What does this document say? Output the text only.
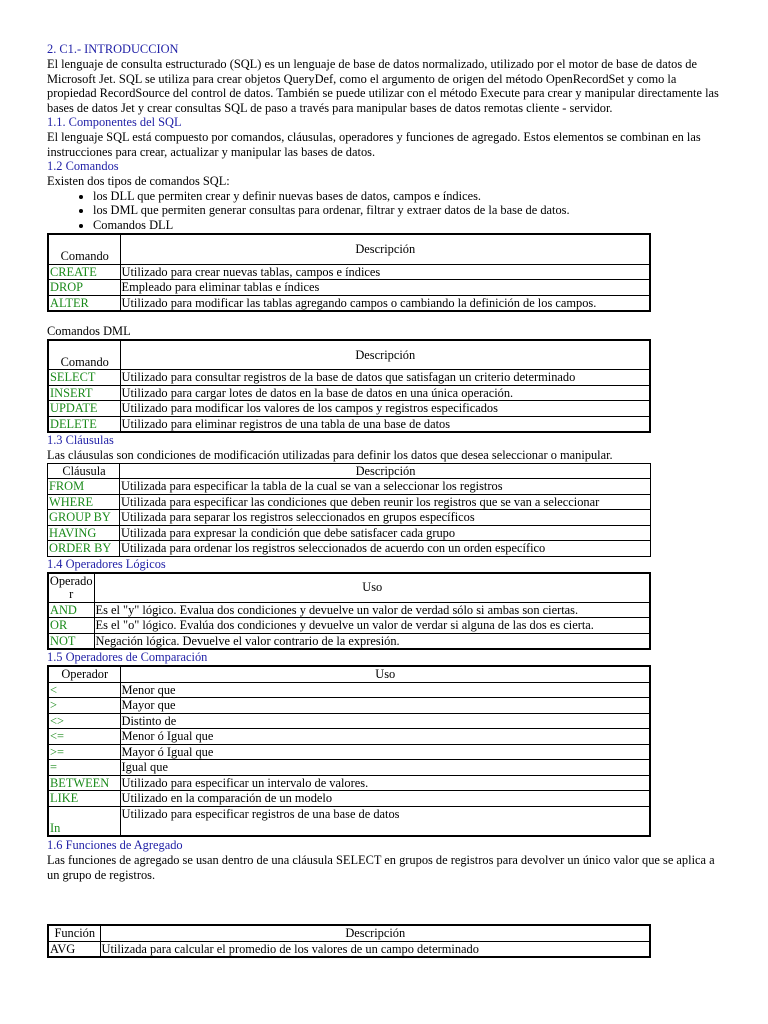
2. C1.- INTRODUCCION

El lenguaje de consulta estructurado (SQL) es un lenguaje de base de datos normalizado, utilizado por el motor de base de datos de Microsoft Jet. SQL se utiliza para crear objetos QueryDef, como el argumento de origen del método OpenRecordSet y como la propiedad RecordSource del control de datos. También se puede utilizar con el método Execute para crear y manipular directamente las bases de datos Jet y crear consultas SQL de paso a través para manipular bases de datos remotas cliente - servidor.

1.1. Componentes del SQL

El lenguaje SQL está compuesto por comandos, cláusulas, operadores y funciones de agregado. Estos elementos se combinan en las instrucciones para crear, actualizar y manipular las bases de datos.

1.2 Comandos

Existen dos tipos de comandos SQL:

• los DLL que permiten crear y definir nuevas bases de datos, campos e índices.
• los DML que permiten generar consultas para ordenar, filtrar y extraer datos de la base de datos.
• Comandos DLL
Comando	Descripción
CREATE	Utilizado para crear nuevas tablas, campos e índices
DROP	Empleado para eliminar tablas e índices
ALTER	Utilizado para modificar las tablas agregando campos o cambiando la definición de los campos.

Comandos DML

Comando	Descripción
SELECT	Utilizado para consultar registros de la base de datos que satisfagan un criterio determinado
INSERT	Utilizado para cargar lotes de datos en la base de datos en una única operación.
UPDATE	Utilizado para modificar los valores de los campos y registros especificados
DELETE	Utilizado para eliminar registros de una tabla de una base de datos
1.3 Cláusulas

Las cláusulas son condiciones de modificación utilizadas para definir los datos que desea seleccionar o manipular.

Cláusula	Descripción
FROM	Utilizada para especificar la tabla de la cual se van a seleccionar los registros
WHERE	Utilizada para especificar las condiciones que deben reunir los registros que se van a seleccionar
GROUP BY	Utilizada para separar los registros seleccionados en grupos específicos
HAVING	Utilizada para expresar la condición que debe satisfacer cada grupo
ORDER BY	Utilizada para ordenar los registros seleccionados de acuerdo con un orden específico
1.4 Operadores Lógicos
Operado
r	Uso
AND	Es el "y" lógico. Evalua dos condiciones y devuelve un valor de verdad sólo si ambas son ciertas.
OR	Es el "o" lógico. Evalúa dos condiciones y devuelve un valor de verdar si alguna de las dos es cierta.
NOT	Negación lógica. Devuelve el valor contrario de la expresión.
1.5 Operadores de Comparación
Operador	Uso
<	Menor que
>	Mayor que
<>	Distinto de
<=	Menor ó Igual que
>=	Mayor ó Igual que
=	Igual que
BETWEEN	Utilizado para especificar un intervalo de valores.
LIKE	Utilizado en la comparación de un modelo
In	Utilizado para especificar registros de una base de datos
1.6 Funciones de Agregado

Las funciones de agregado se usan dentro de una cláusula SELECT en grupos de registros para devolver un único valor que se aplica a un grupo de registros.

Función	Descripción
AVG	Utilizada para calcular el promedio de los valores de un campo determinado
